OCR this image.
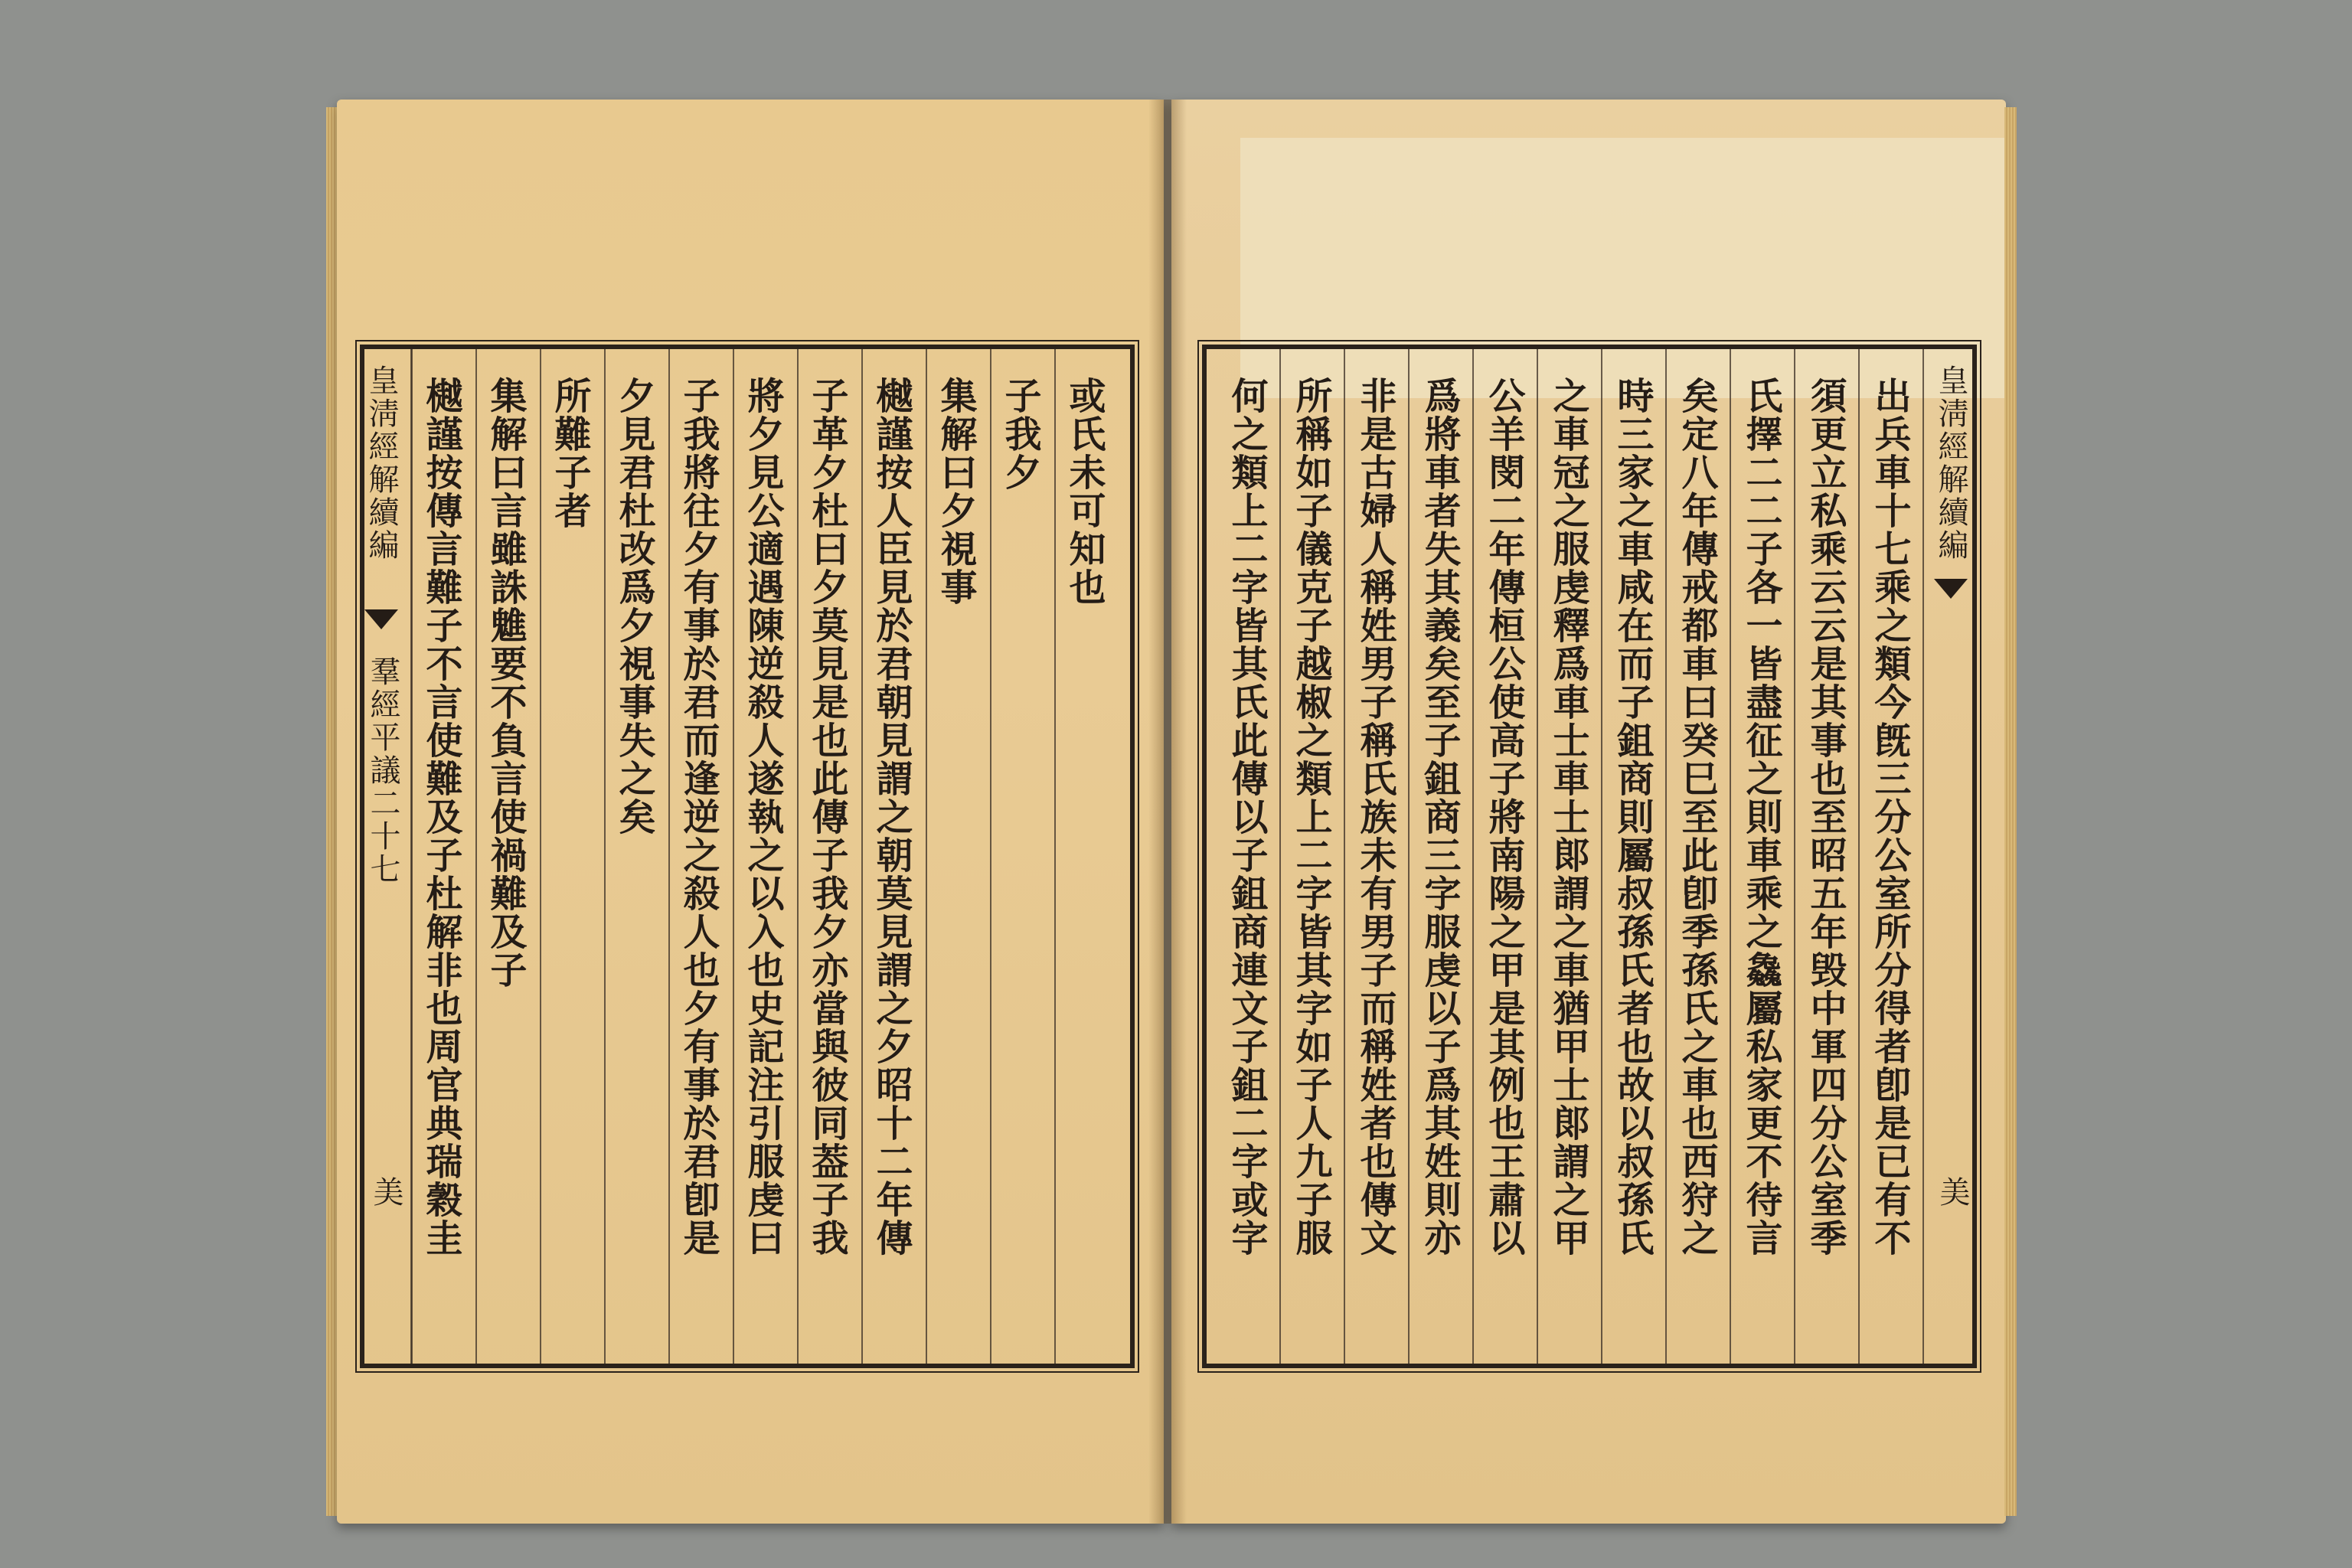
皇淸經解續編
羣經平議二十七
美
或氏未可知也
子我夕
集解曰夕視事
樾謹按人臣見於君朝見謂之朝莫見謂之夕昭十二年傳
子革夕杜曰夕莫見是也此傳子我夕亦當與彼同葢子我
將夕見公適遇陳逆殺人遂執之以入也史記注引服虔曰
子我將往夕有事於君而逢逆之殺人也夕有事於君卽是
夕見君杜改爲夕視事失之矣
所難子者
集解曰言雖誅魋要不負言使禍難及子
樾謹按傳言難子不言使難及子杜解非也周官典瑞穀圭	皇淸經解續編
美
出兵車十七乘之類今旣三分公室所分得者卽是已有不
須更立私乘云云是其事也至昭五年毁中軍四分公室季
氏擇二二子各一皆盡征之則車乘之𠓗屬私家更不待言
矣定八年傳戒都車曰癸巳至此卽季孫氏之車也西狩之
時三家之車咸在而子鉏商則屬叔孫氏者也故以叔孫氏
之車冠之服虔釋爲車士車士郞謂之車猶甲士郞謂之甲
公羊閔二年傳桓公使高子將南陽之甲是其例也王肅以
爲將車者失其義矣至子鉏商三字服虔以子爲其姓則亦
非是古婦人稱姓男子稱氏族未有男子而稱姓者也傳文
所稱如子儀克子越椒之類上二字皆其字如子人九子服
何之類上二字皆其氏此傳以子鉏商連文子鉏二字或字
